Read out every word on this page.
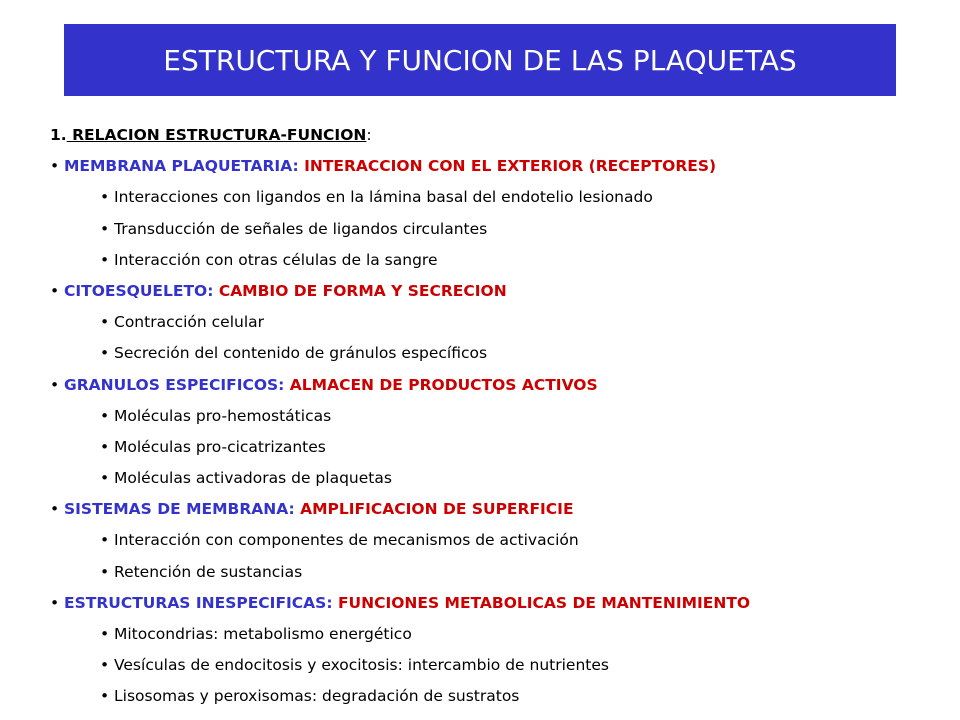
ESTRUCTURA Y FUNCION DE LAS PLAQUETAS
1. RELACION ESTRUCTURA-FUNCION:
• MEMBRANA PLAQUETARIA: INTERACCION CON EL EXTERIOR (RECEPTORES)
• Interacciones con ligandos en la lámina basal del endotelio lesionado
• Transducción de señales de ligandos circulantes
• Interacción con otras células de la sangre
• CITOESQUELETO: CAMBIO DE FORMA Y SECRECION
• Contracción celular
• Secreción del contenido de gránulos específicos
• GRANULOS ESPECIFICOS: ALMACEN DE PRODUCTOS ACTIVOS
• Moléculas pro-hemostáticas
• Moléculas pro-cicatrizantes
• Moléculas activadoras de plaquetas
• SISTEMAS DE MEMBRANA: AMPLIFICACION DE SUPERFICIE
• Interacción con componentes de mecanismos de activación
• Retención de sustancias
• ESTRUCTURAS INESPECIFICAS: FUNCIONES METABOLICAS DE MANTENIMIENTO
• Mitocondrias: metabolismo energético
• Vesículas de endocitosis y exocitosis: intercambio de nutrientes
• Lisosomas y peroxisomas: degradación de sustratos
